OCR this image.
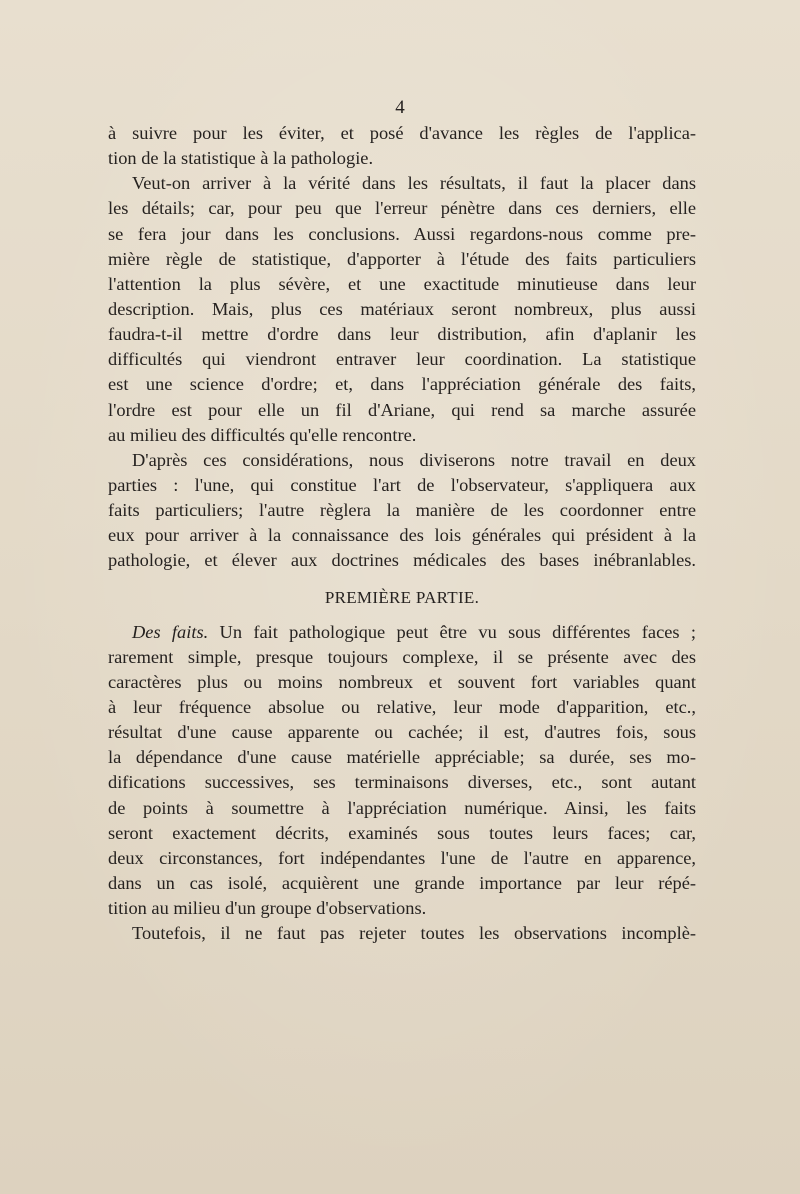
4
à suivre pour les éviter, et posé d'avance les règles de l'applica-
tion de la statistique à la pathologie.
Veut-on arriver à la vérité dans les résultats, il faut la placer dans
les détails; car, pour peu que l'erreur pénètre dans ces derniers, elle
se fera jour dans les conclusions. Aussi regardons-nous comme pre-
mière règle de statistique, d'apporter à l'étude des faits particuliers
l'attention la plus sévère, et une exactitude minutieuse dans leur
description. Mais, plus ces matériaux seront nombreux, plus aussi
faudra-t-il mettre d'ordre dans leur distribution, afin d'aplanir les
difficultés qui viendront entraver leur coordination. La statistique
est une science d'ordre; et, dans l'appréciation générale des faits,
l'ordre est pour elle un fil d'Ariane, qui rend sa marche assurée
au milieu des difficultés qu'elle rencontre.
D'après ces considérations, nous diviserons notre travail en deux
parties : l'une, qui constitue l'art de l'observateur, s'appliquera aux
faits particuliers; l'autre règlera la manière de les coordonner entre
eux pour arriver à la connaissance des lois générales qui président à la
pathologie, et élever aux doctrines médicales des bases inébranlables.
PREMIÈRE PARTIE.
Des faits. Un fait pathologique peut être vu sous différentes faces ;
rarement simple, presque toujours complexe, il se présente avec des
caractères plus ou moins nombreux et souvent fort variables quant
à leur fréquence absolue ou relative, leur mode d'apparition, etc.,
résultat d'une cause apparente ou cachée; il est, d'autres fois, sous
la dépendance d'une cause matérielle appréciable; sa durée, ses mo-
difications successives, ses terminaisons diverses, etc., sont autant
de points à soumettre à l'appréciation numérique. Ainsi, les faits
seront exactement décrits, examinés sous toutes leurs faces; car,
deux circonstances, fort indépendantes l'une de l'autre en apparence,
dans un cas isolé, acquièrent une grande importance par leur répé-
tition au milieu d'un groupe d'observations.
Toutefois, il ne faut pas rejeter toutes les observations incomplè-
